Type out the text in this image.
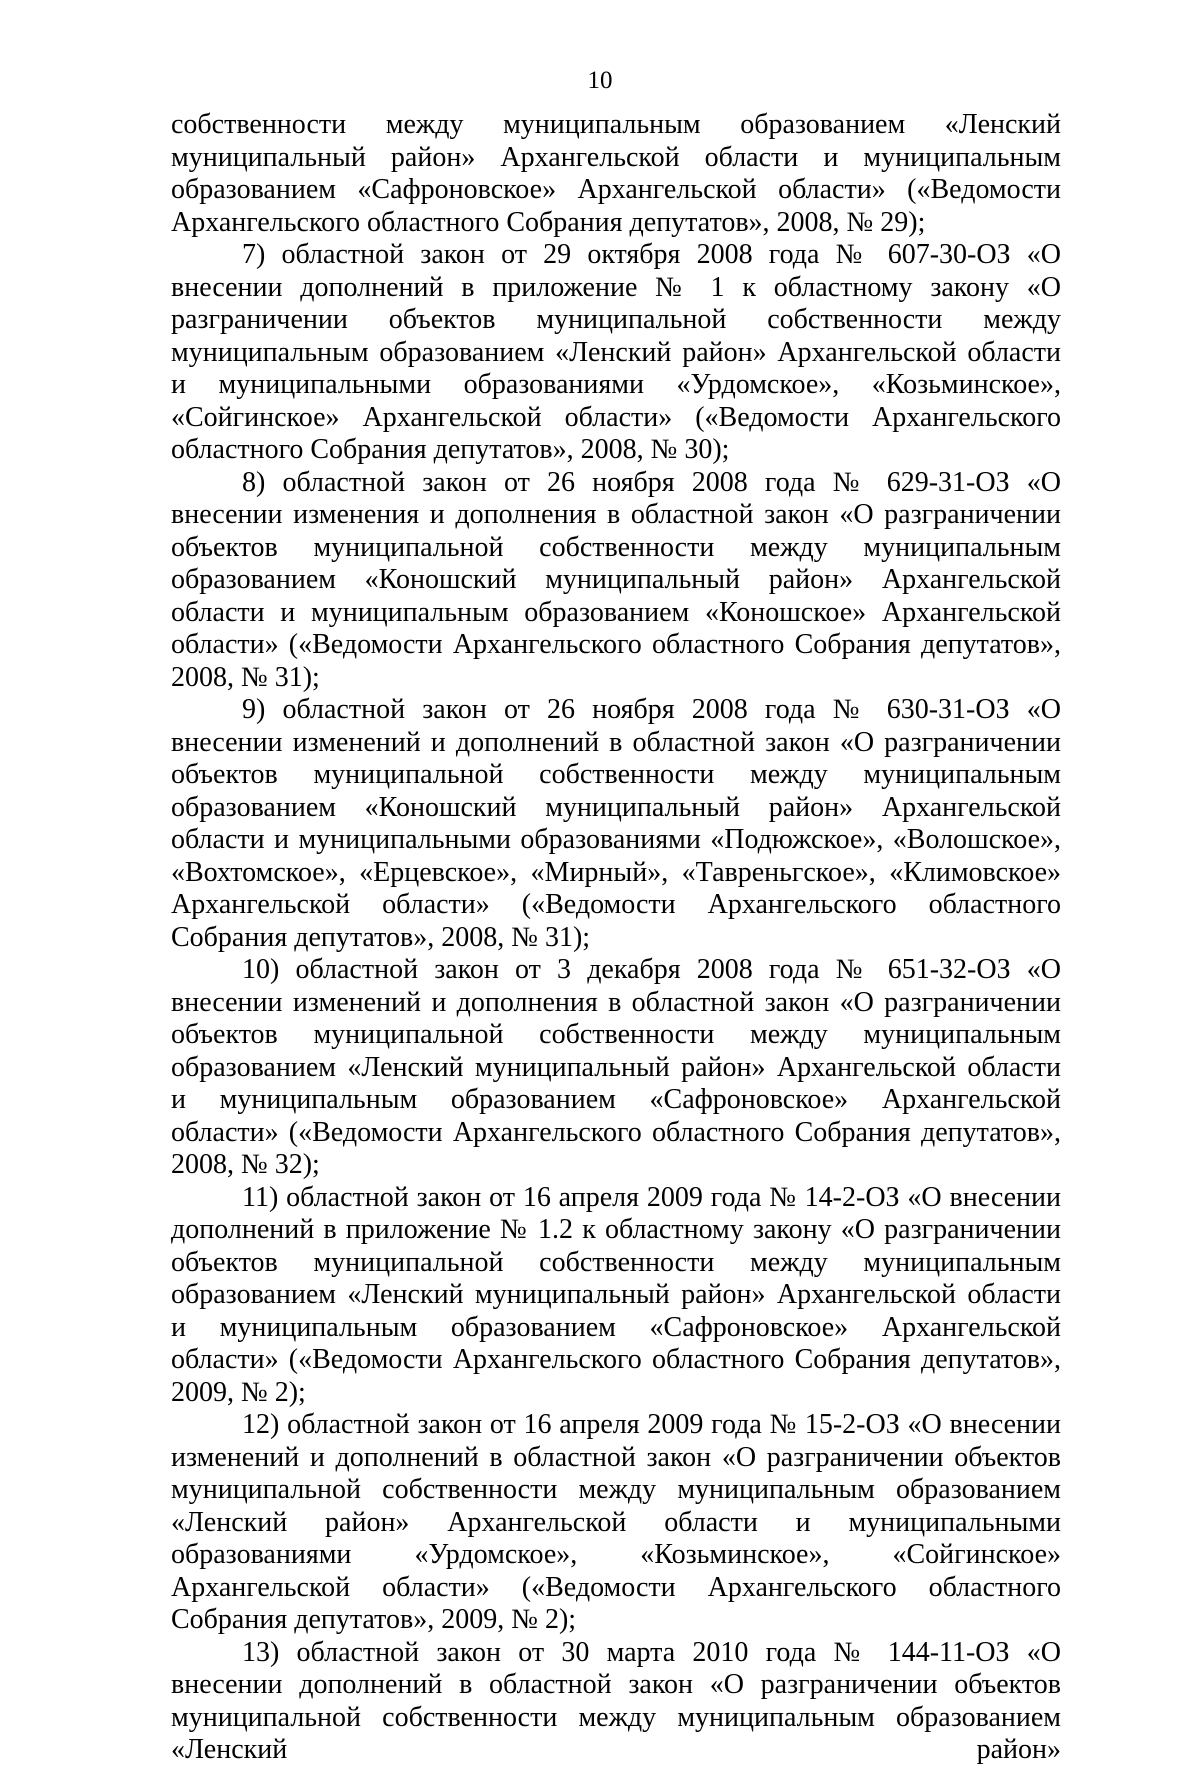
10

собственности между муниципальным образованием «Ленский муниципальный район» Архангельской области и муниципальным образованием «Сафроновское» Архангельской области» («Ведомости Архангельского областного Собрания депутатов», 2008, № 29);

7) областной закон от 29 октября 2008 года № 607-30-ОЗ «О внесении дополнений в приложение № 1 к областному закону «О разграничении объектов муниципальной собственности между муниципальным образованием «Ленский район» Архангельской области и муниципальными образованиями «Урдомское», «Козьминское», «Сойгинское» Архангельской области» («Ведомости Архангельского областного Собрания депутатов», 2008, № 30);

8) областной закон от 26 ноября 2008 года № 629-31-ОЗ «О внесении изменения и дополнения в областной закон «О разграничении объектов муниципальной собственности между муниципальным образованием «Коношский муниципальный район» Архангельской области и муниципальным образованием «Коношское» Архангельской области» («Ведомости Архангельского областного Собрания депутатов», 2008, № 31);

9) областной закон от 26 ноября 2008 года № 630-31-ОЗ «О внесении изменений и дополнений в областной закон «О разграничении объектов муниципальной собственности между муниципальным образованием «Коношский муниципальный район» Архангельской области и муниципальными образованиями «Подюжское», «Волошское», «Вохтомское», «Ерцевское», «Мирный», «Тавреньгское», «Климовское» Архангельской области» («Ведомости Архангельского областного Собрания депутатов», 2008, № 31);

10) областной закон от 3 декабря 2008 года № 651-32-ОЗ «О внесении изменений и дополнения в областной закон «О разграничении объектов муниципальной собственности между муниципальным образованием «Ленский муниципальный район» Архангельской области и муниципальным образованием «Сафроновское» Архангельской области» («Ведомости Архангельского областного Собрания депутатов», 2008, № 32);

11) областной закон от 16 апреля 2009 года № 14-2-ОЗ «О внесении дополнений в приложение № 1.2 к областному закону «О разграничении объектов муниципальной собственности между муниципальным образованием «Ленский муниципальный район» Архангельской области и муниципальным образованием «Сафроновское» Архангельской области» («Ведомости Архангельского областного Собрания депутатов», 2009, № 2);

12) областной закон от 16 апреля 2009 года № 15-2-ОЗ «О внесении изменений и дополнений в областной закон «О разграничении объектов муниципальной собственности между муниципальным образованием «Ленский район» Архангельской области и муниципальными образованиями «Урдомское», «Козьминское», «Сойгинское» Архангельской области» («Ведомости Архангельского областного Собрания депутатов», 2009, № 2);

13) областной закон от 30 марта 2010 года № 144-11-ОЗ «О внесении дополнений в областной закон «О разграничении объектов муниципальной собственности между муниципальным образованием «Ленский район»
